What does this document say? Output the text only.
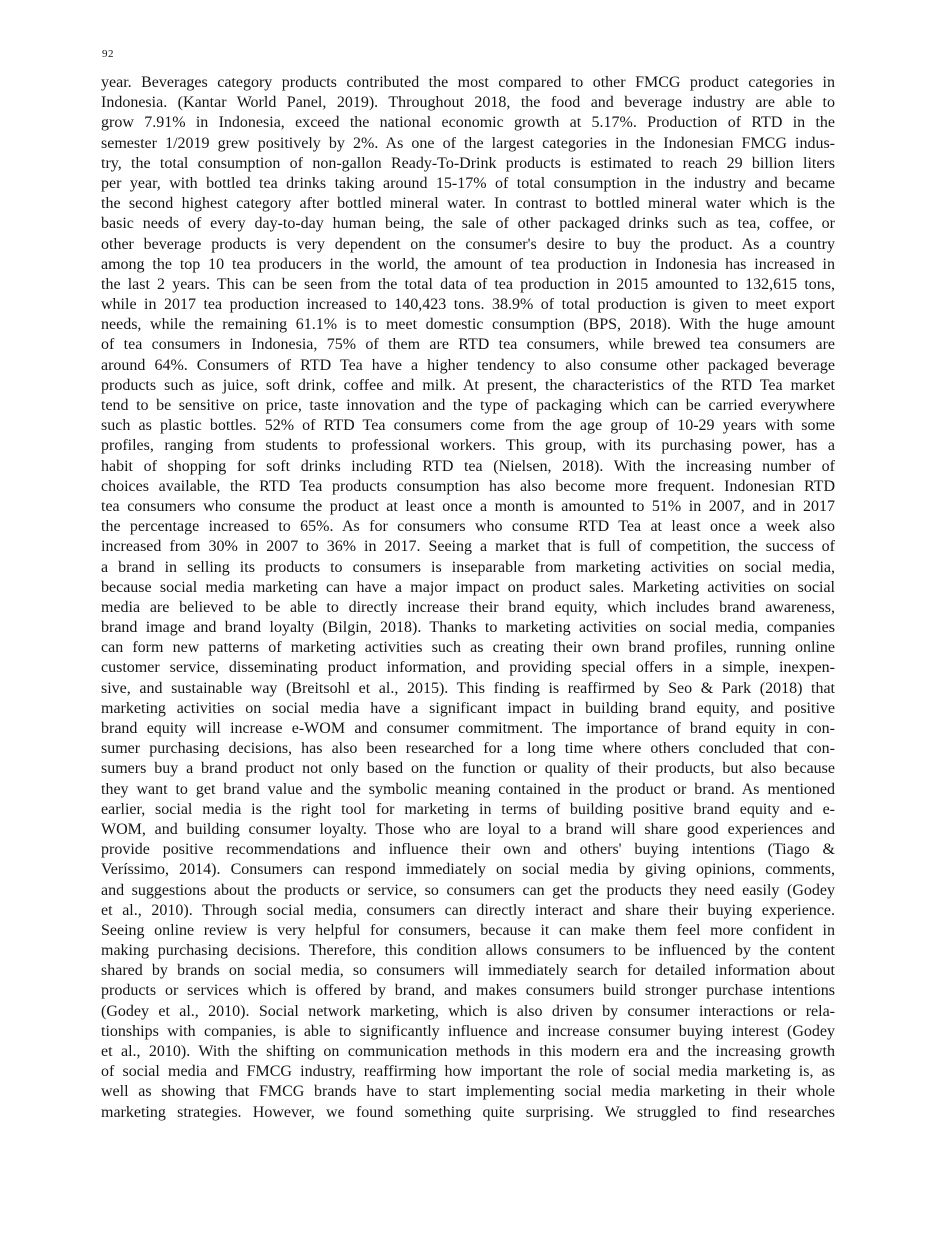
92
year. Beverages category products contributed the most compared to other FMCG product categories in
Indonesia. (Kantar World Panel, 2019). Throughout 2018, the food and beverage industry are able to
grow 7.91% in Indonesia, exceed the national economic growth at 5.17%. Production of RTD in the
semester 1/2019 grew positively by 2%. As one of the largest categories in the Indonesian FMCG indus-
try, the total consumption of non-gallon Ready-To-Drink products is estimated to reach 29 billion liters
per year, with bottled tea drinks taking around 15-17% of total consumption in the industry and became
the second highest category after bottled mineral water. In contrast to bottled mineral water which is the
basic needs of every day-to-day human being, the sale of other packaged drinks such as tea, coffee, or
other beverage products is very dependent on the consumer's desire to buy the product. As a country
among the top 10 tea producers in the world, the amount of tea production in Indonesia has increased in
the last 2 years. This can be seen from the total data of tea production in 2015 amounted to 132,615 tons,
while in 2017 tea production increased to 140,423 tons. 38.9% of total production is given to meet export
needs, while the remaining 61.1% is to meet domestic consumption (BPS, 2018). With the huge amount
of tea consumers in Indonesia, 75% of them are RTD tea consumers, while brewed tea consumers are
around 64%. Consumers of RTD Tea have a higher tendency to also consume other packaged beverage
products such as juice, soft drink, coffee and milk. At present, the characteristics of the RTD Tea market
tend to be sensitive on price, taste innovation and the type of packaging which can be carried everywhere
such as plastic bottles. 52% of RTD Tea consumers come from the age group of 10-29 years with some
profiles, ranging from students to professional workers. This group, with its purchasing power, has a
habit of shopping for soft drinks including RTD tea (Nielsen, 2018). With the increasing number of
choices available, the RTD Tea products consumption has also become more frequent. Indonesian RTD
tea consumers who consume the product at least once a month is amounted to 51% in 2007, and in 2017
the percentage increased to 65%. As for consumers who consume RTD Tea at least once a week also
increased from 30% in 2007 to 36% in 2017. Seeing a market that is full of competition, the success of
a brand in selling its products to consumers is inseparable from marketing activities on social media,
because social media marketing can have a major impact on product sales. Marketing activities on social
media are believed to be able to directly increase their brand equity, which includes brand awareness,
brand image and brand loyalty (Bilgin, 2018). Thanks to marketing activities on social media, companies
can form new patterns of marketing activities such as creating their own brand profiles, running online
customer service, disseminating product information, and providing special offers in a simple, inexpen-
sive, and sustainable way (Breitsohl et al., 2015). This finding is reaffirmed by Seo & Park (2018) that
marketing activities on social media have a significant impact in building brand equity, and positive
brand equity will increase e-WOM and consumer commitment. The importance of brand equity in con-
sumer purchasing decisions, has also been researched for a long time where others concluded that con-
sumers buy a brand product not only based on the function or quality of their products, but also because
they want to get brand value and the symbolic meaning contained in the product or brand. As mentioned
earlier, social media is the right tool for marketing in terms of building positive brand equity and e-
WOM, and building consumer loyalty. Those who are loyal to a brand will share good experiences and
provide positive recommendations and influence their own and others' buying intentions (Tiago &
Veríssimo, 2014). Consumers can respond immediately on social media by giving opinions, comments,
and suggestions about the products or service, so consumers can get the products they need easily (Godey
et al., 2010). Through social media, consumers can directly interact and share their buying experience.
Seeing online review is very helpful for consumers, because it can make them feel more confident in
making purchasing decisions. Therefore, this condition allows consumers to be influenced by the content
shared by brands on social media, so consumers will immediately search for detailed information about
products or services which is offered by brand, and makes consumers build stronger purchase intentions
(Godey et al., 2010). Social network marketing, which is also driven by consumer interactions or rela-
tionships with companies, is able to significantly influence and increase consumer buying interest (Godey
et al., 2010). With the shifting on communication methods in this modern era and the increasing growth
of social media and FMCG industry, reaffirming how important the role of social media marketing is, as
well as showing that FMCG brands have to start implementing social media marketing in their whole
marketing strategies. However, we found something quite surprising. We struggled to find researches
